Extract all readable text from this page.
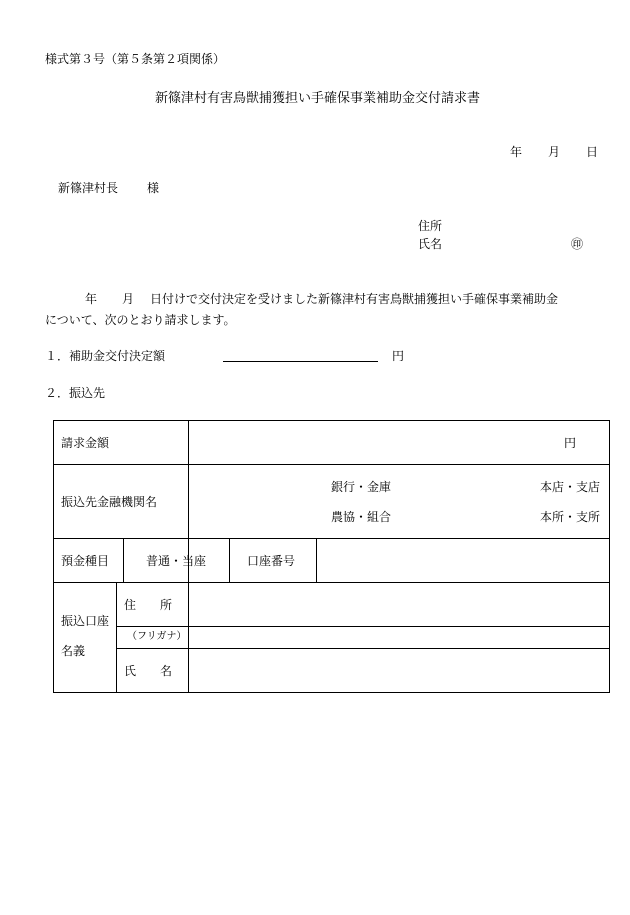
様式第３号（第５条第２項関係）
新篠津村有害鳥獣捕獲担い手確保事業補助金交付請求書
年 月 日
新篠津村長 様
住所
氏名	㊞
年 月 日付けで交付決定を受けました新篠津村有害鳥獣捕獲担い手確保事業補助金
について、次のとおり請求します。
１．補助金交付決定額	円
２．振込先
請求金額		円	

振込先金融機関名		銀行・金庫 本店・支店
農協・組合 本所・支所	

預金種目 普通・当座		口座番号	

振込口座
名義	住　　所		

	（フリガナ）		

	氏　　名		
